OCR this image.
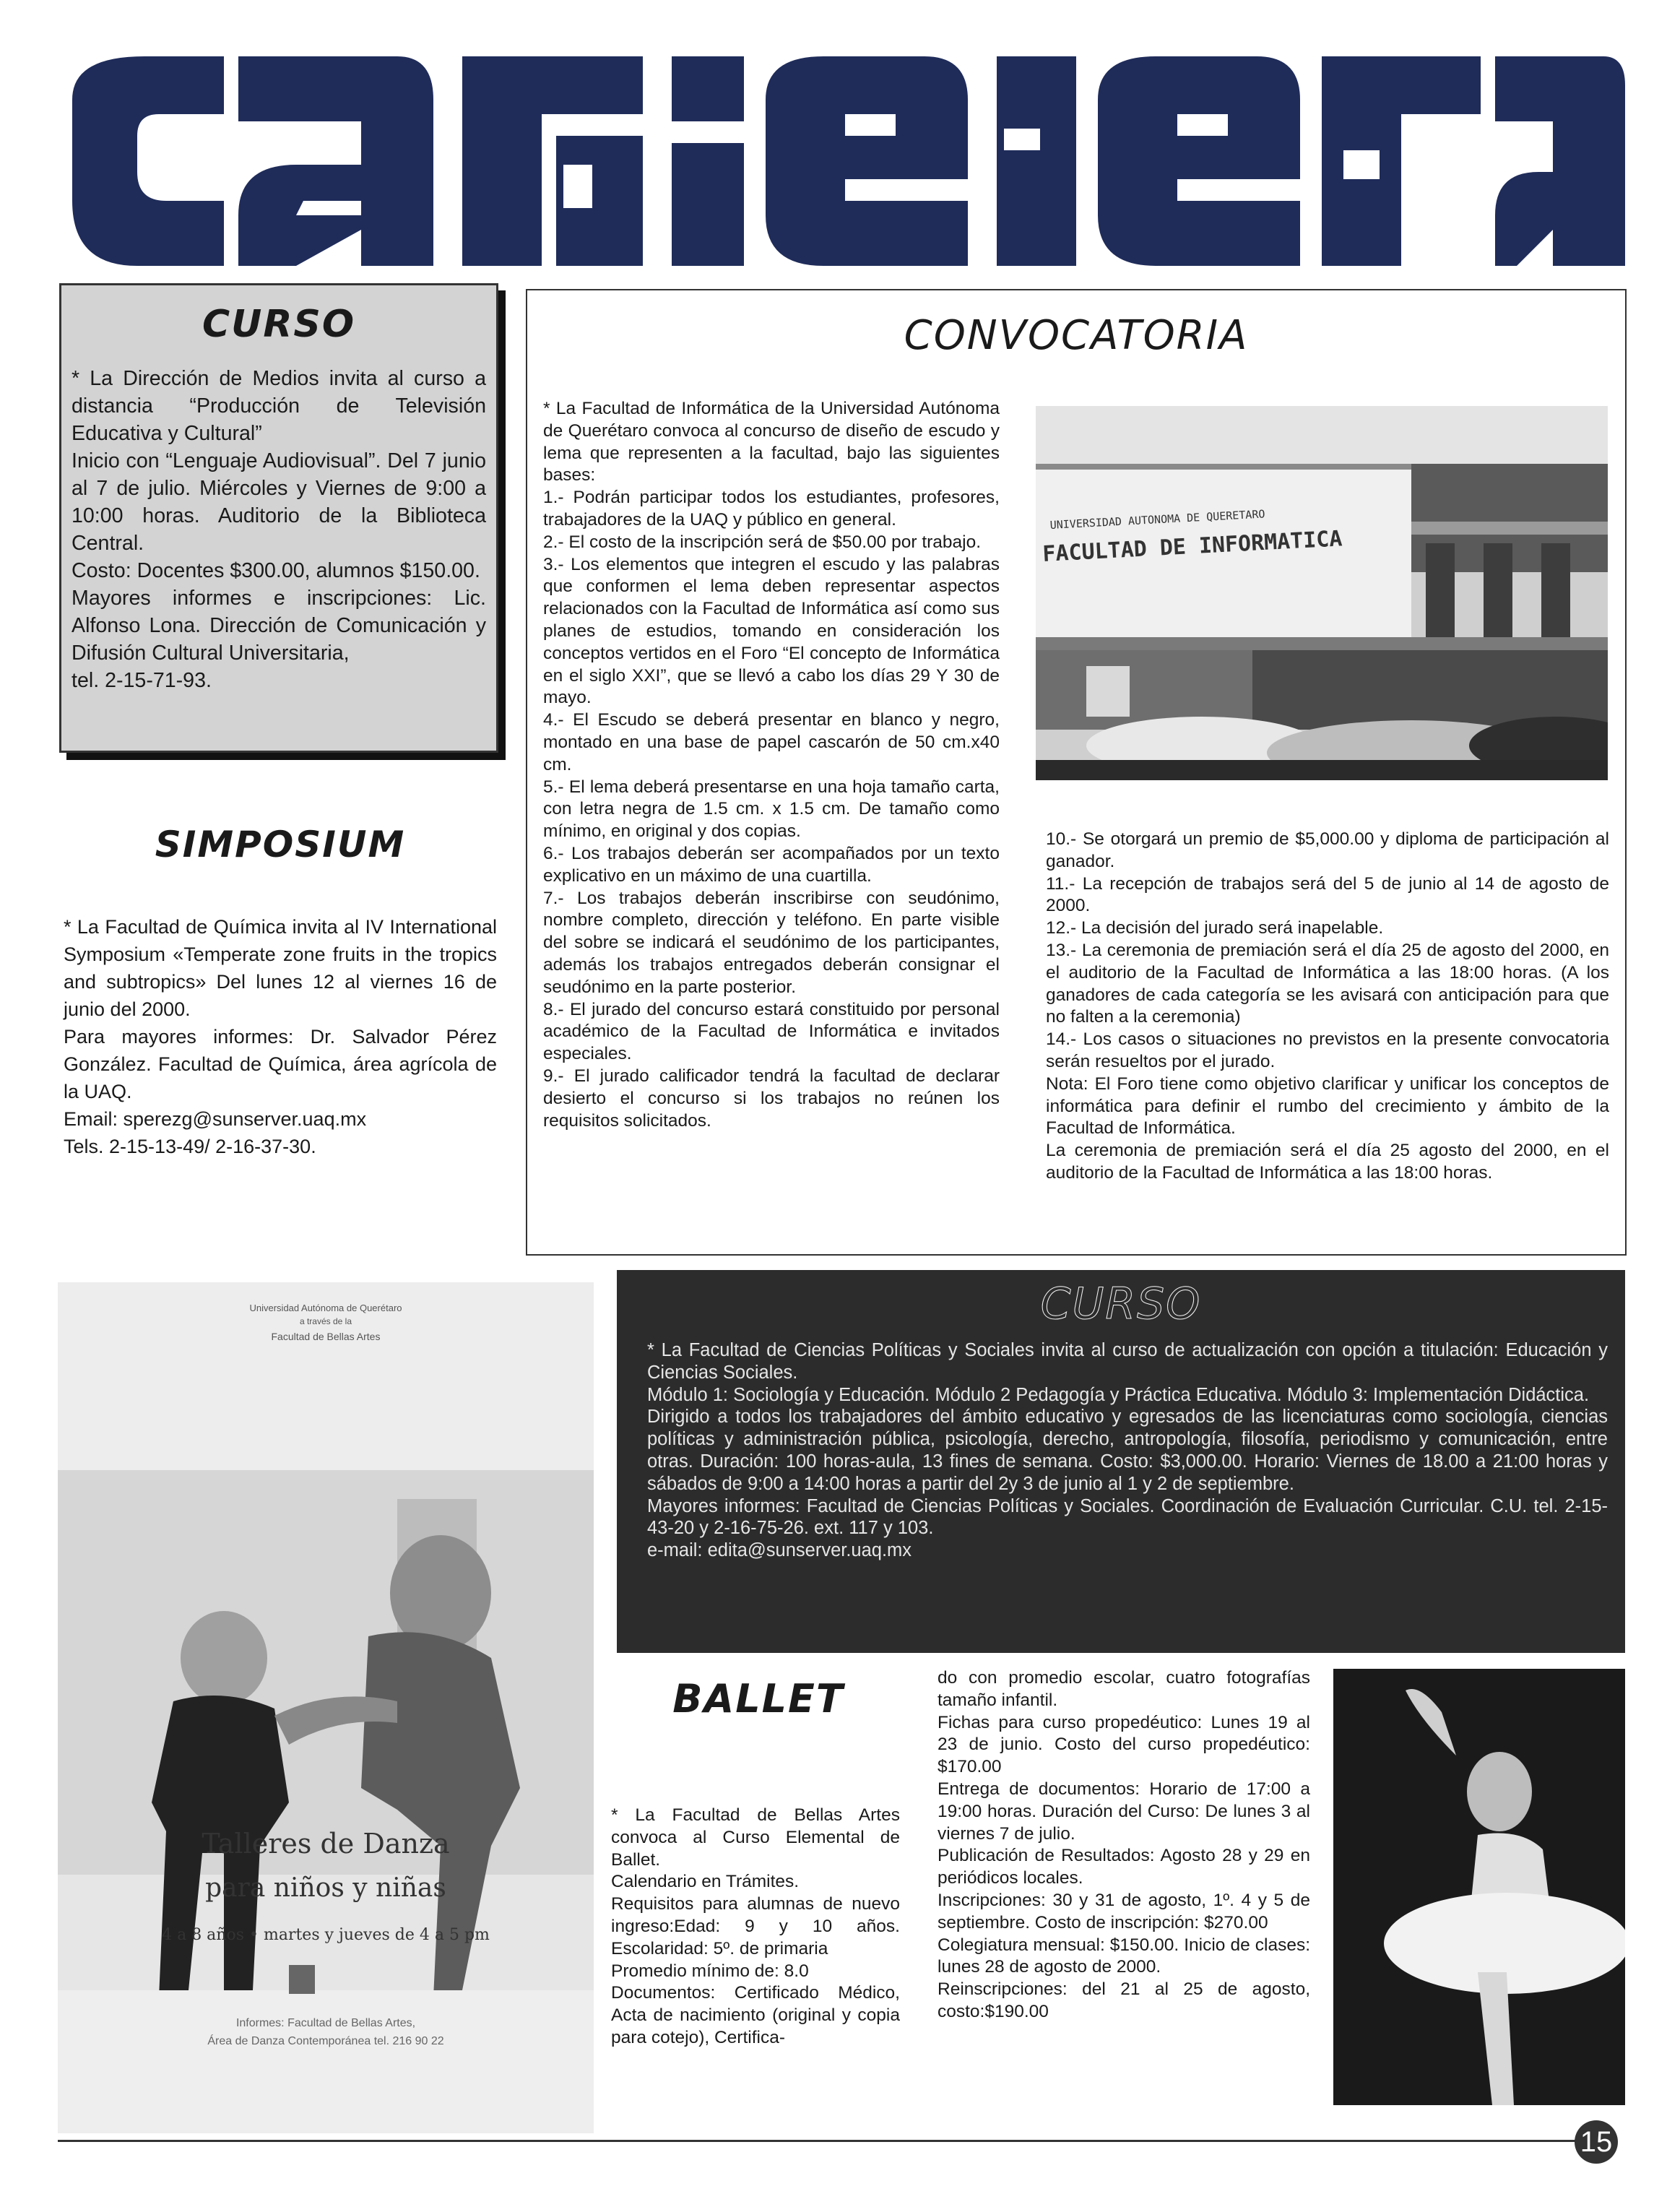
CURSO

* La Dirección de Medios invita al curso a distancia “Producción de Televisión Educativa y Cultural”

Inicio con “Lenguaje Audiovisual”. Del 7 junio al 7 de julio. Miércoles y Viernes de 9:00 a 10:00 horas. Auditorio de la Biblioteca Central.

Costo: Docentes $300.00, alumnos $150.00.

Mayores informes e inscripciones: Lic. Alfonso Lona. Dirección de Comunicación y Difusión Cultural Universitaria,

tel. 2-15-71-93.

SIMPOSIUM

* La Facultad de Química invita al IV International Symposium «Temperate zone fruits in the tropics and subtropics» Del lunes 12 al viernes 16 de junio del 2000.

Para mayores informes: Dr. Salvador Pérez González. Facultad de Química, área agrícola de la UAQ.

Email: sperezg@sunserver.uaq.mx

Tels. 2-15-13-49/ 2-16-37-30.

CONVOCATORIA

* La Facultad de Informática de la Universidad Autónoma de Querétaro convoca al concurso de diseño de escudo y lema que representen a la facultad, bajo las siguientes bases:

1.- Podrán participar todos los estudiantes, profesores, trabajadores de la UAQ y público en general.

2.- El costo de la inscripción será de $50.00 por trabajo.

3.- Los elementos que integren el escudo y las palabras que conformen el lema deben representar aspectos relacionados con la Facultad de Informática así como sus planes de estudios, tomando en consideración los conceptos vertidos en el Foro “El concepto de Informática en el siglo XXI”, que se llevó a cabo los días 29 Y 30 de mayo.

4.- El Escudo se deberá presentar en blanco y negro, montado en una base de papel cascarón de 50 cm.x40 cm.

5.- El lema deberá presentarse en una hoja tamaño carta, con letra negra de 1.5 cm. x 1.5 cm. De tamaño como mínimo, en original y dos copias.

6.- Los trabajos deberán ser acompañados por un texto explicativo en un máximo de una cuartilla.

7.- Los trabajos deberán inscribirse con seudónimo, nombre completo, dirección y teléfono. En parte visible del sobre se indicará el seudónimo de los participantes, además los trabajos entregados deberán consignar el seudónimo en la parte posterior.

8.- El jurado del concurso estará constituido por personal académico de la Facultad de Informática e invitados especiales.

9.- El jurado calificador tendrá la facultad de declarar desierto el concurso si los trabajos no reúnen los requisitos solicitados.

UNIVERSIDAD AUTONOMA DE QUERETARO
FACULTAD DE INFORMATICA

10.- Se otorgará un premio de $5,000.00 y diploma de participación al ganador.

11.- La recepción de trabajos será del 5 de junio al 14 de agosto de 2000.

12.- La decisión del jurado será inapelable.

13.- La ceremonia de premiación será el día 25 de agosto del 2000, en el auditorio de la Facultad de Informática a las 18:00 horas. (A los ganadores de cada categoría se les avisará con anticipación para que no falten a la ceremonia)

14.- Los casos o situaciones no previstos en la presente convocatoria serán resueltos por el jurado.

Nota: El Foro tiene como objetivo clarificar y unificar los conceptos de informática para definir el rumbo del crecimiento y ámbito de la Facultad de Informática.

La ceremonia de premiación será el día 25 agosto del 2000, en el auditorio de la Facultad de Informática a las 18:00 horas.

CURSO

* La Facultad de Ciencias Políticas y Sociales invita al curso de actualización con opción a titulación: Educación y Ciencias Sociales.

Módulo 1: Sociología y Educación. Módulo 2 Pedagogía y Práctica Educativa. Módulo 3: Implementación Didáctica.

Dirigido a todos los trabajadores del ámbito educativo y egresados de las licenciaturas como sociología, ciencias políticas y administración pública, psicología, derecho, antropología, filosofía, periodismo y comunicación, entre otras. Duración: 100 horas-aula, 13 fines de semana. Costo: $3,000.00. Horario: Viernes de 18.00 a 21:00 horas y sábados de 9:00 a 14:00 horas a partir del 2y 3 de junio al 1 y 2 de septiembre.

Mayores informes: Facultad de Ciencias Políticas y Sociales. Coordinación de Evaluación Curricular. C.U. tel. 2-15-43-20 y 2-16-75-26. ext. 117 y 103.

e-mail: edita@sunserver.uaq.mx

Universidad Autónoma de Querétaro
a través de la
Facultad de Bellas Artes
Talleres de Danza
para niños y niñas
4 a 8 años • martes y jueves de 4 a 5 pm
Informes: Facultad de Bellas Artes,
Área de Danza Contemporánea tel. 216 90 22
BALLET

* La Facultad de Bellas Artes convoca al Curso Elemental de Ballet.

Calendario en Trámites.

Requisitos para alumnas de nuevo ingreso:Edad: 9 y 10 años. Escolaridad: 5º. de primaria

Promedio mínimo de: 8.0

Documentos: Certificado Médico, Acta de nacimiento (original y copia para cotejo), Certifica-

do con promedio escolar, cuatro fotografías tamaño infantil.

Fichas para curso propedéutico: Lunes 19 al 23 de junio. Costo del curso propedéutico: $170.00

Entrega de documentos: Horario de 17:00 a 19:00 horas. Duración del Curso: De lunes 3 al viernes 7 de julio.

Publicación de Resultados: Agosto 28 y 29 en periódicos locales.

Inscripciones: 30 y 31 de agosto, 1º. 4 y 5 de septiembre. Costo de inscripción: $270.00

Colegiatura mensual: $150.00. Inicio de clases: lunes 28 de agosto de 2000.

Reinscripciones: del 21 al 25 de agosto, costo:$190.00

15
